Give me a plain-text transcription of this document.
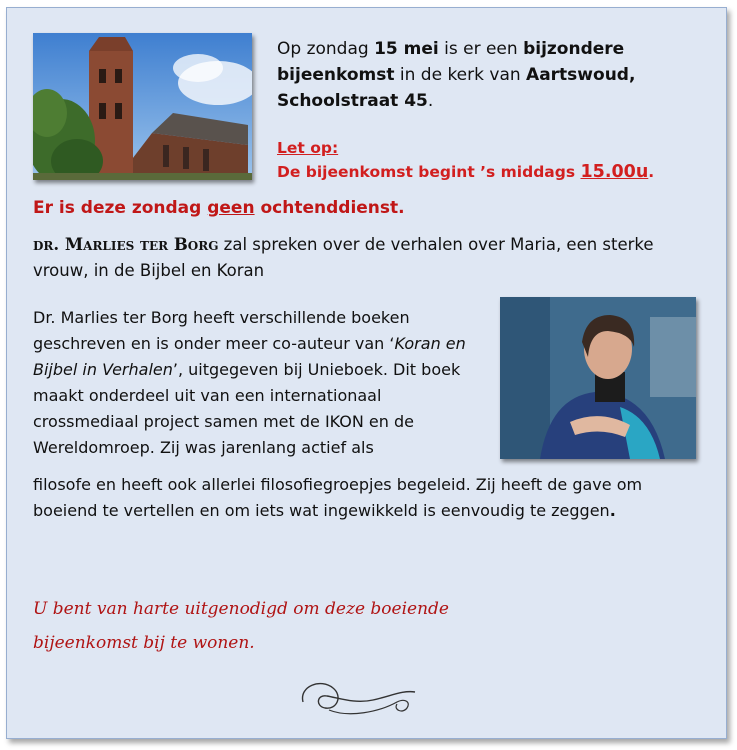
Op zondag 15 mei is er een bijzondere bijeenkomst in de kerk van Aartswoud, Schoolstraat 45.
Let op:
De bijeenkomst begint ’s middags 15.00u.
Er is deze zondag geen ochtenddienst.
dr. Marlies ter Borg zal spreken over de verhalen over Maria, een sterke vrouw, in de Bijbel en Koran
Dr. Marlies ter Borg heeft verschillende boeken geschreven en is onder meer co-auteur van ‘Koran en Bijbel in Verhalen’, uitgegeven bij Unieboek. Dit boek maakt onderdeel uit van een internationaal crossmediaal project samen met de IKON en de Wereldomroep. Zij was jarenlang actief als
filosofe en heeft ook allerlei filosofiegroepjes begeleid. Zij heeft de gave om boeiend te vertellen en om iets wat ingewikkeld is eenvoudig te zeggen.
U bent van harte uitgenodigd om deze boeiende
bijeenkomst bij te wonen.
